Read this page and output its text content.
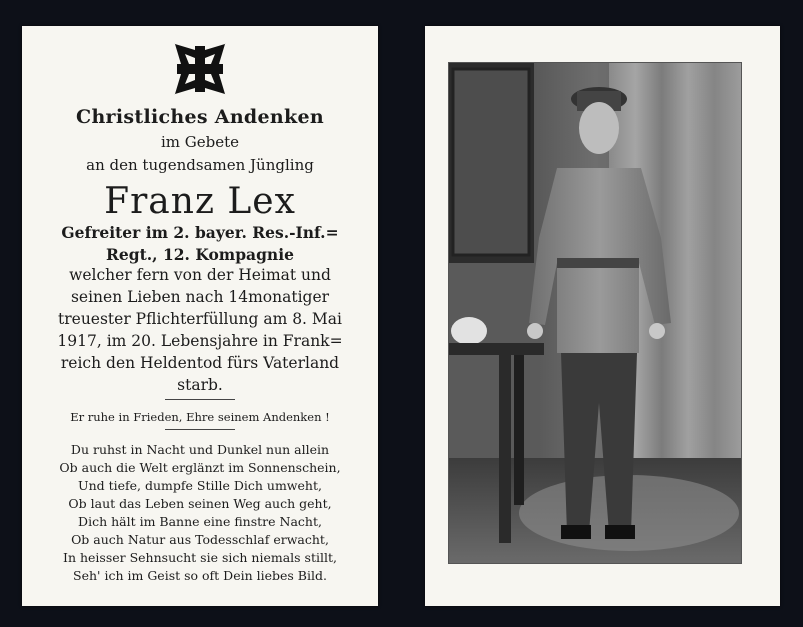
Christliches Andenken
im Gebete
an den tugendsamen Jüngling
Franz Lex
Gefreiter im 2. bayer. Res.-Inf.=
Regt., 12. Kompagnie
welcher fern von der Heimat und
seinen Lieben nach 14monatiger
treuester Pflichterfüllung am 8. Mai
1917, im 20. Lebensjahre in Frank=
reich den Heldentod fürs Vaterland
starb.
Er ruhe in Frieden, Ehre seinem Andenken !
Du ruhst in Nacht und Dunkel nun allein
Ob auch die Welt erglänzt im Sonnenschein,
Und tiefe, dumpfe Stille Dich umweht,
Ob laut das Leben seinen Weg auch geht,
Dich hält im Banne eine finstre Nacht,
Ob auch Natur aus Todesschlaf erwacht,
In heisser Sehnsucht sie sich niemals stillt,
Seh' ich im Geist so oft Dein liebes Bild.
